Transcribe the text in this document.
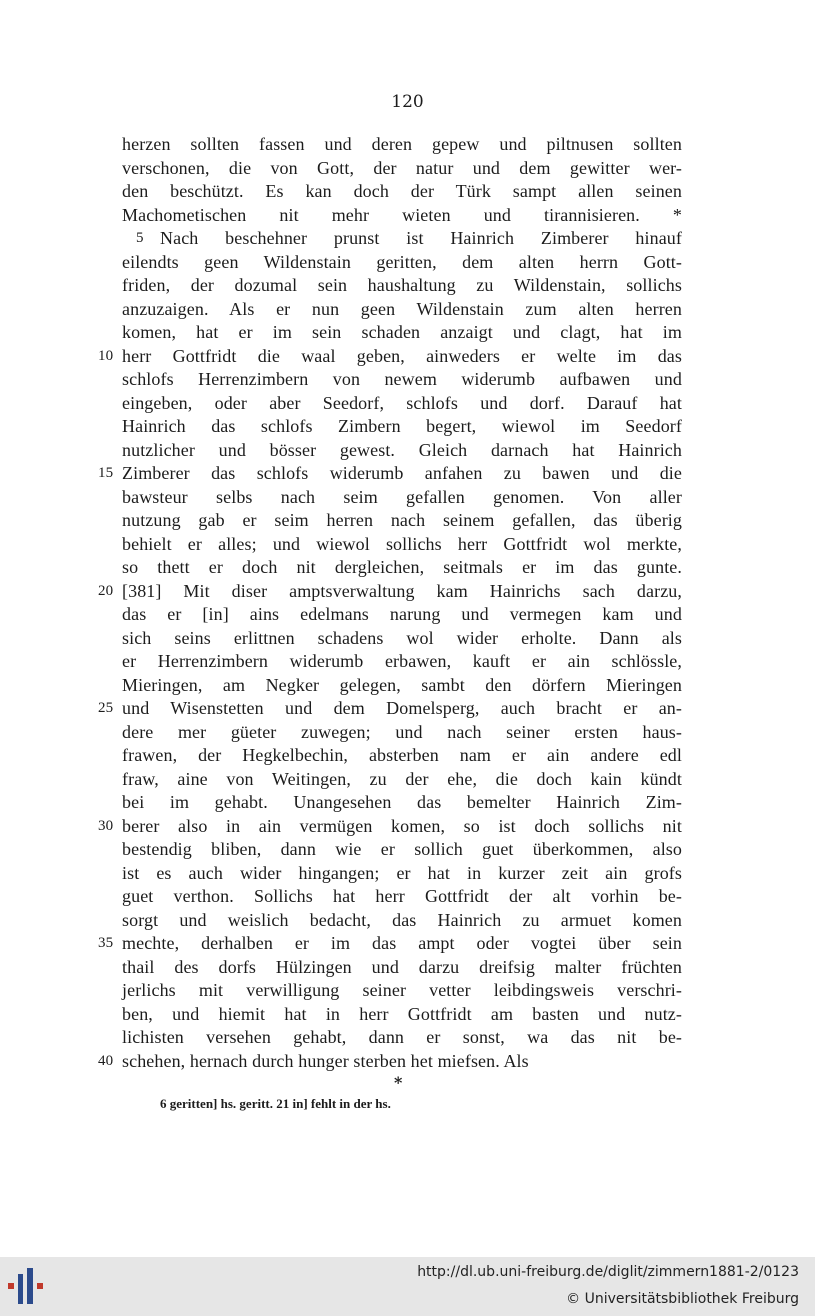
120
herzen sollten fassen und deren gepew und piltnusen sollten
verschonen, die von Gott, der natur und dem gewitter wer-
den beschützt. Es kan doch der Türk sampt allen seinen
Machometischen nit mehr wieten und tirannisieren. *
5 Nach beschehner prunst ist Hainrich Zimberer hinauf
eilendts geen Wildenstain geritten, dem alten herrn Gott-
friden, der dozumal sein haushaltung zu Wildenstain, sollichs
anzuzaigen. Als er nun geen Wildenstain zum alten herren
komen, hat er im sein schaden anzaigt und clagt, hat im
10 herr Gottfridt die waal geben, ainweders er welte im das
schlofs Herrenzimbern von newem widerumb aufbawen und
eingeben, oder aber Seedorf, schlofs und dorf. Darauf hat
Hainrich das schlofs Zimbern begert, wiewol im Seedorf
nutzlicher und bösser gewest. Gleich darnach hat Hainrich
15 Zimberer das schlofs widerumb anfahen zu bawen und die
bawsteur selbs nach seim gefallen genomen. Von aller
nutzung gab er seim herren nach seinem gefallen, das überig
behielt er alles; und wiewol sollichs herr Gottfridt wol merkte,
so thett er doch nit dergleichen, seitmals er im das gunte.
20 [381] Mit diser amptsverwaltung kam Hainrichs sach darzu,
das er [in] ains edelmans narung und vermegen kam und
sich seins erlittnen schadens wol wider erholte. Dann als
er Herrenzimbern widerumb erbawen, kauft er ain schlössle,
Mieringen, am Negker gelegen, sambt den dörfern Mieringen
25 und Wisenstetten und dem Domelsperg, auch bracht er an-
dere mer güeter zuwegen; und nach seiner ersten haus-
frawen, der Hegkelbechin, absterben nam er ain andere edl
fraw, aine von Weitingen, zu der ehe, die doch kain kündt
bei im gehabt. Unangesehen das bemelter Hainrich Zim-
30 berer also in ain vermügen komen, so ist doch sollichs nit
bestendig bliben, dann wie er sollich guet überkommen, also
ist es auch wider hingangen; er hat in kurzer zeit ain grofs
guet verthon. Sollichs hat herr Gottfridt der alt vorhin be-
sorgt und weislich bedacht, das Hainrich zu armuet komen
35 mechte, derhalben er im das ampt oder vogtei über sein
thail des dorfs Hülzingen und darzu dreifsig malter früchten
jerlichs mit verwilligung seiner vetter leibdingsweis verschri-
ben, und hiemit hat in herr Gottfridt am basten und nutz-
lichisten versehen gehabt, dann er sonst, wa das nit be-
40 schehen, hernach durch hunger sterben het miefsen. Als
*
6 geritten] hs. geritt. 21 in] fehlt in der hs.
http://dl.ub.uni-freiburg.de/diglit/zimmern1881-2/0123
© Universitätsbibliothek Freiburg
